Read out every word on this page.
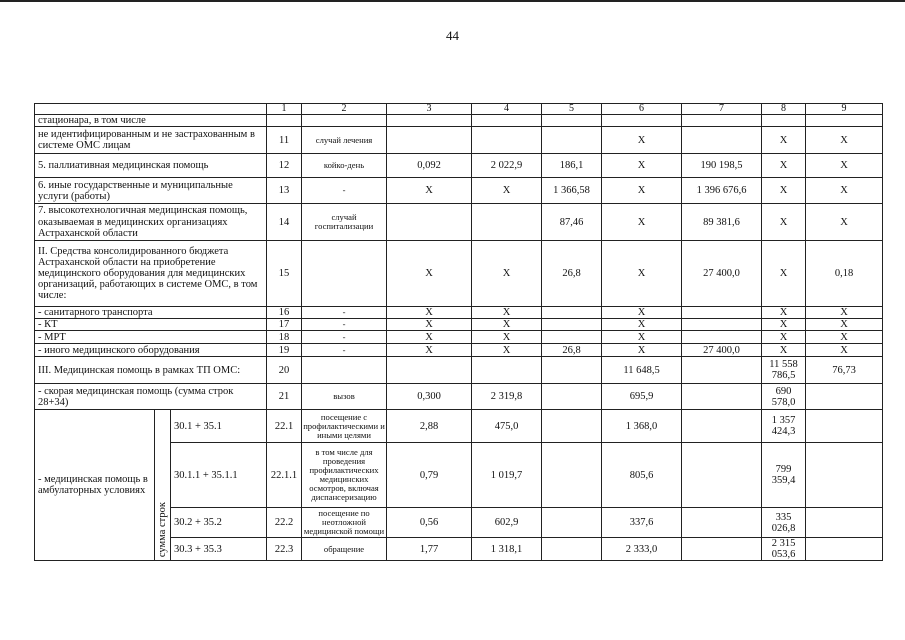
44
			1	2	3	4	5	6	7	8	9
стационара, в том числе											
не идентифицированным и не застрахованным в системе ОМС лицам			11	случай лечения				Х		Х	Х
5. паллиативная медицинская помощь			12	койко-день	0,092	2 022,9	186,1	Х	190 198,5	Х	Х
6. иные государственные и муниципальные услуги (работы)			13	-	Х	Х	1 366,58	Х	1 396 676,6	Х	Х
7. высокотехнологичная медицинская помощь, оказываемая в медицинских организациях Астраханской области			14	случай госпитализации			87,46	Х	89 381,6	Х	Х
II. Средства консолидированного бюджета Астраханской области на приобретение медицинского оборудования для медицинских организаций, работающих в системе ОМС, в том числе:			15		Х	Х	26,8	Х	27 400,0	Х	0,18
- санитарного транспорта			16	-	Х	Х		Х		Х	Х
- КТ			17	-	Х	Х		Х		Х	Х
- МРТ			18	-	Х	Х		Х		Х	Х
- иного медицинского оборудования			19	-	Х	Х	26,8	Х	27 400,0	Х	Х
III. Медицинская помощь в рамках ТП ОМС:			20					11 648,5		11 558 786,5	76,73
- скорая медицинская помощь (сумма строк 28+34)			21	вызов	0,300	2 319,8		695,9		690 578,0	
- медицинская помощь в амбулаторных условиях	сумма строк	30.1 + 35.1	22.1	посещение с профилактическими и иными целями	2,88	475,0		1 368,0		1 357 424,3	
		30.1.1 + 35.1.1	22.1.1	в том числе для проведения профилактических медицинских осмотров, включая диспансеризацию	0,79	1 019,7		805,6		799 359,4	
		30.2 + 35.2	22.2	посещение по неотложной медицинской помощи	0,56	602,9		337,6		335 026,8	
		30.3 + 35.3	22.3	обращение	1,77	1 318,1		2 333,0		2 315 053,6	
